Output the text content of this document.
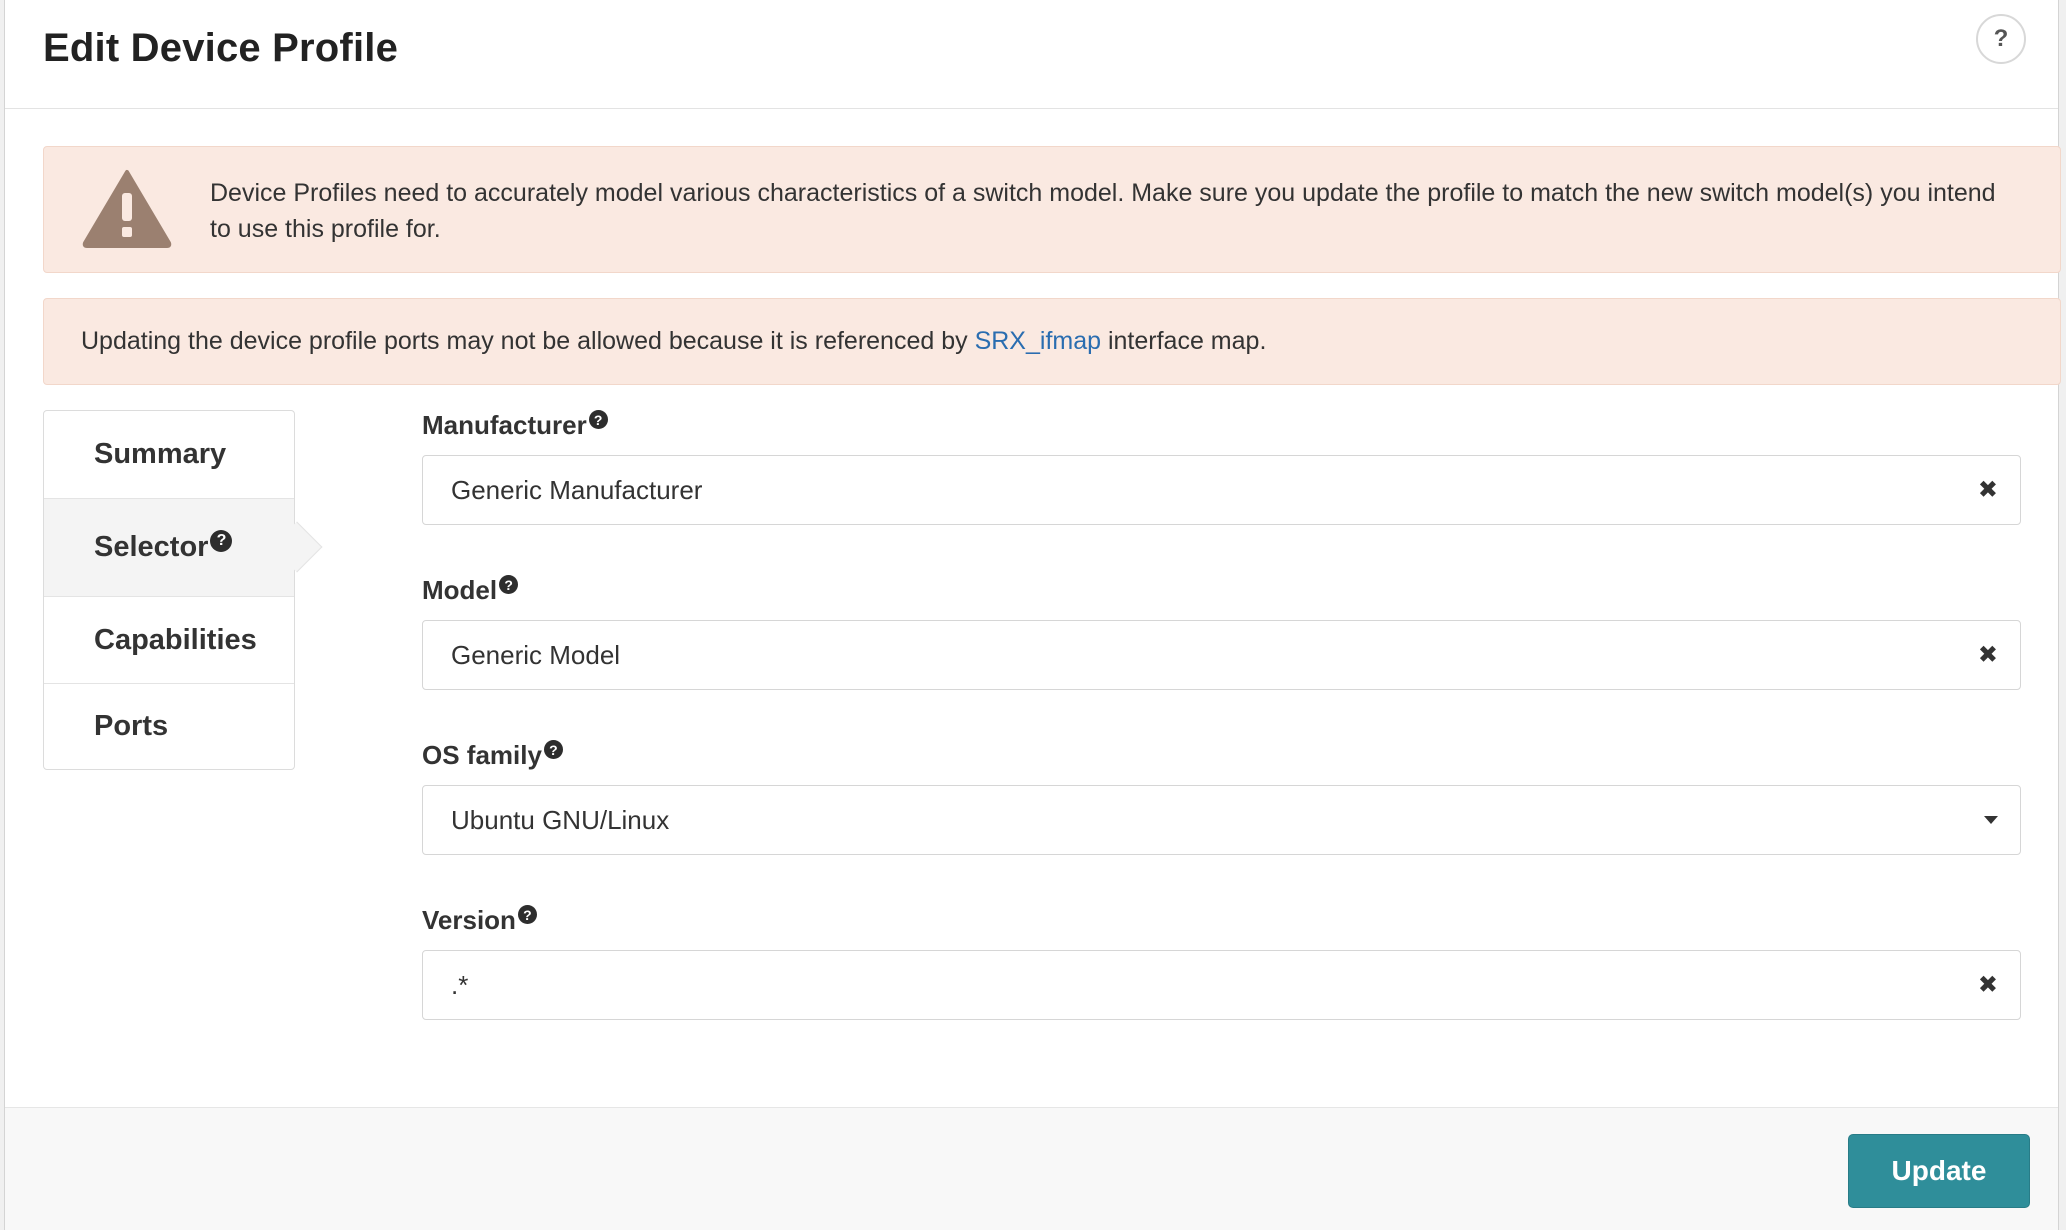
Edit Device Profile	?
Device Profiles need to accurately model various characteristics of a switch model. Make sure you update the profile to match the new switch model(s) you intend to use this profile for.
Updating the device profile ports may not be allowed because it is referenced by SRX_ifmap interface map.
Summary
Selector ?
Capabilities
Ports
Manufacturer ?
Generic Manufacturer	✖
Model ?
Generic Model	✖
OS family ?
Ubuntu GNU/Linux
Version ?
.*	✖
Update
